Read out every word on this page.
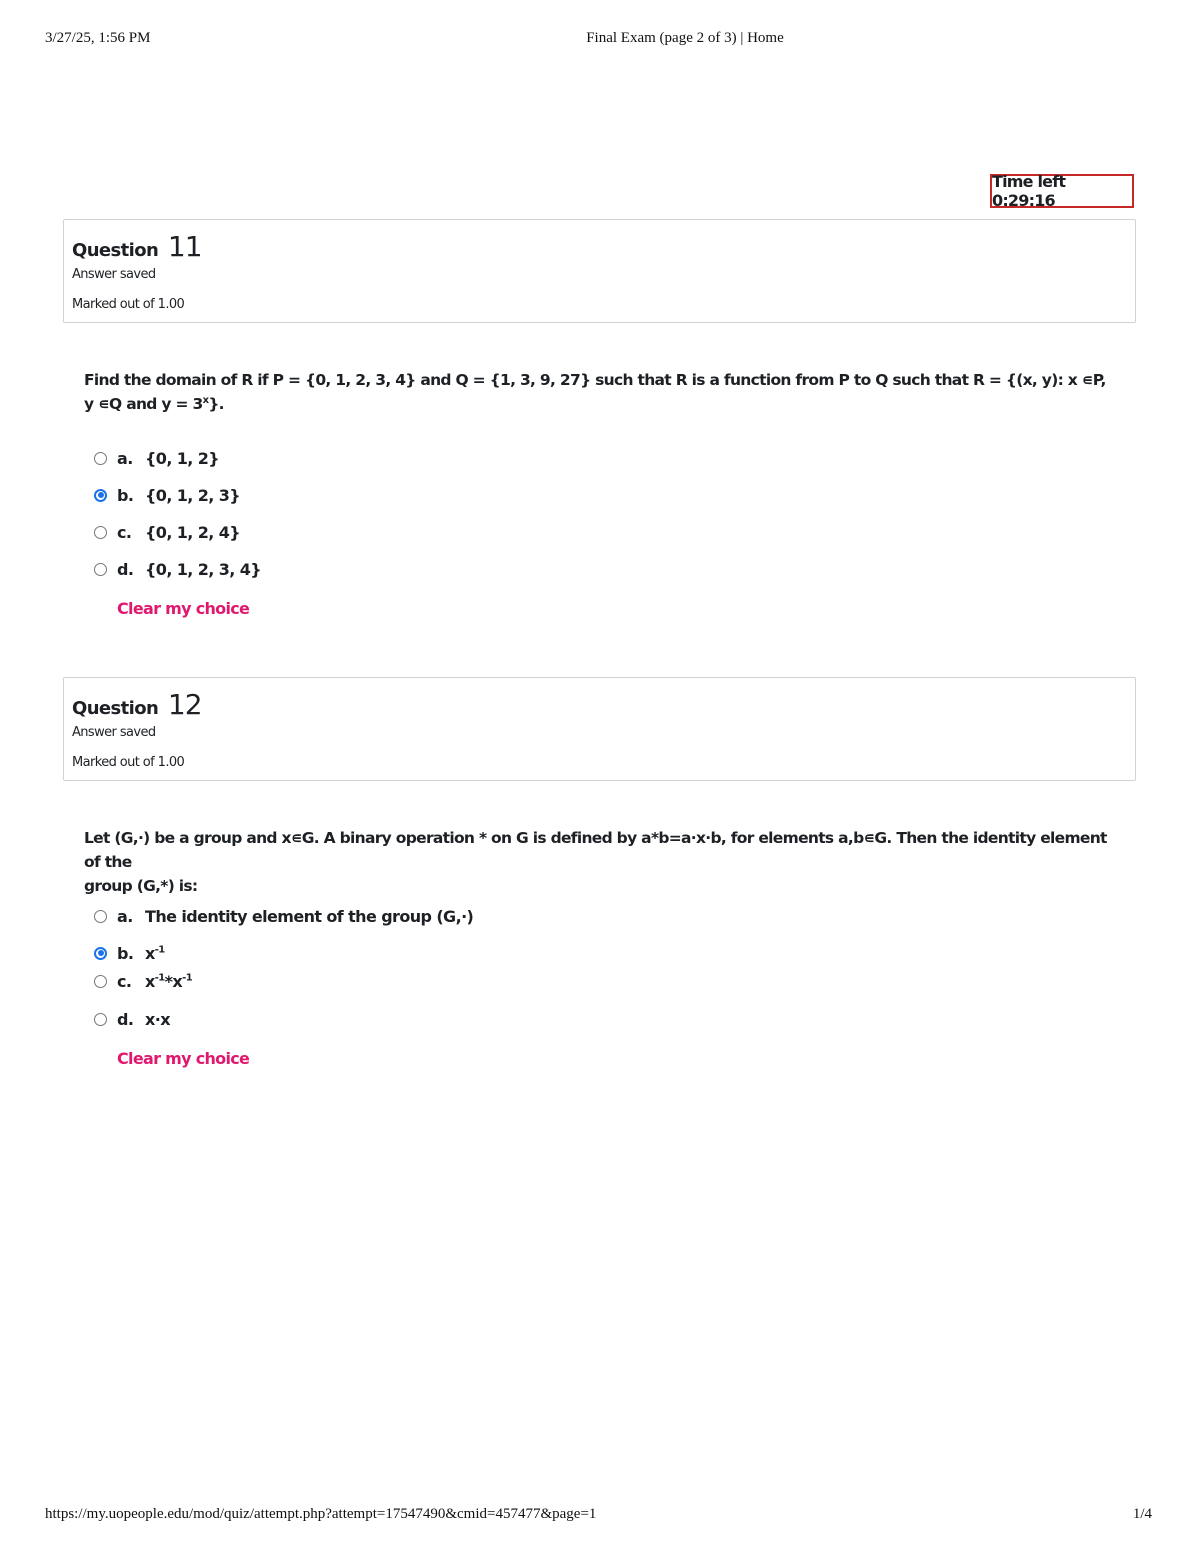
3/27/25, 1:56 PM	Final Exam (page 2 of 3) | Home
Time left 0:29:16
Question 11
Answer saved
Marked out of 1.00
Find the domain of R if P = {0, 1, 2, 3, 4} and Q = {1, 3, 9, 27} such that R is a function from P to Q such that R = {(x, y): x ∊P, y ∊Q and $y = 3^x$}.
a. {0, 1, 2}
b. {0, 1, 2, 3}
c. {0, 1, 2, 4}
d. {0, 1, 2, 3, 4}
Clear my choice
Question 12
Answer saved
Marked out of 1.00
Let (G,·) be a group and x∊G. A binary operation * on G is defined by a*b=a·x·b, for elements a,b∊G. Then the identity element of the
group (G,*) is:
a. The identity element of the group (G,·)
b. $x^{-1}$
c. $x^{-1}*x^{-1}$
d. x·x
Clear my choice
https://my.uopeople.edu/mod/quiz/attempt.php?attempt=17547490&cmid=457477&page=1	1/4
